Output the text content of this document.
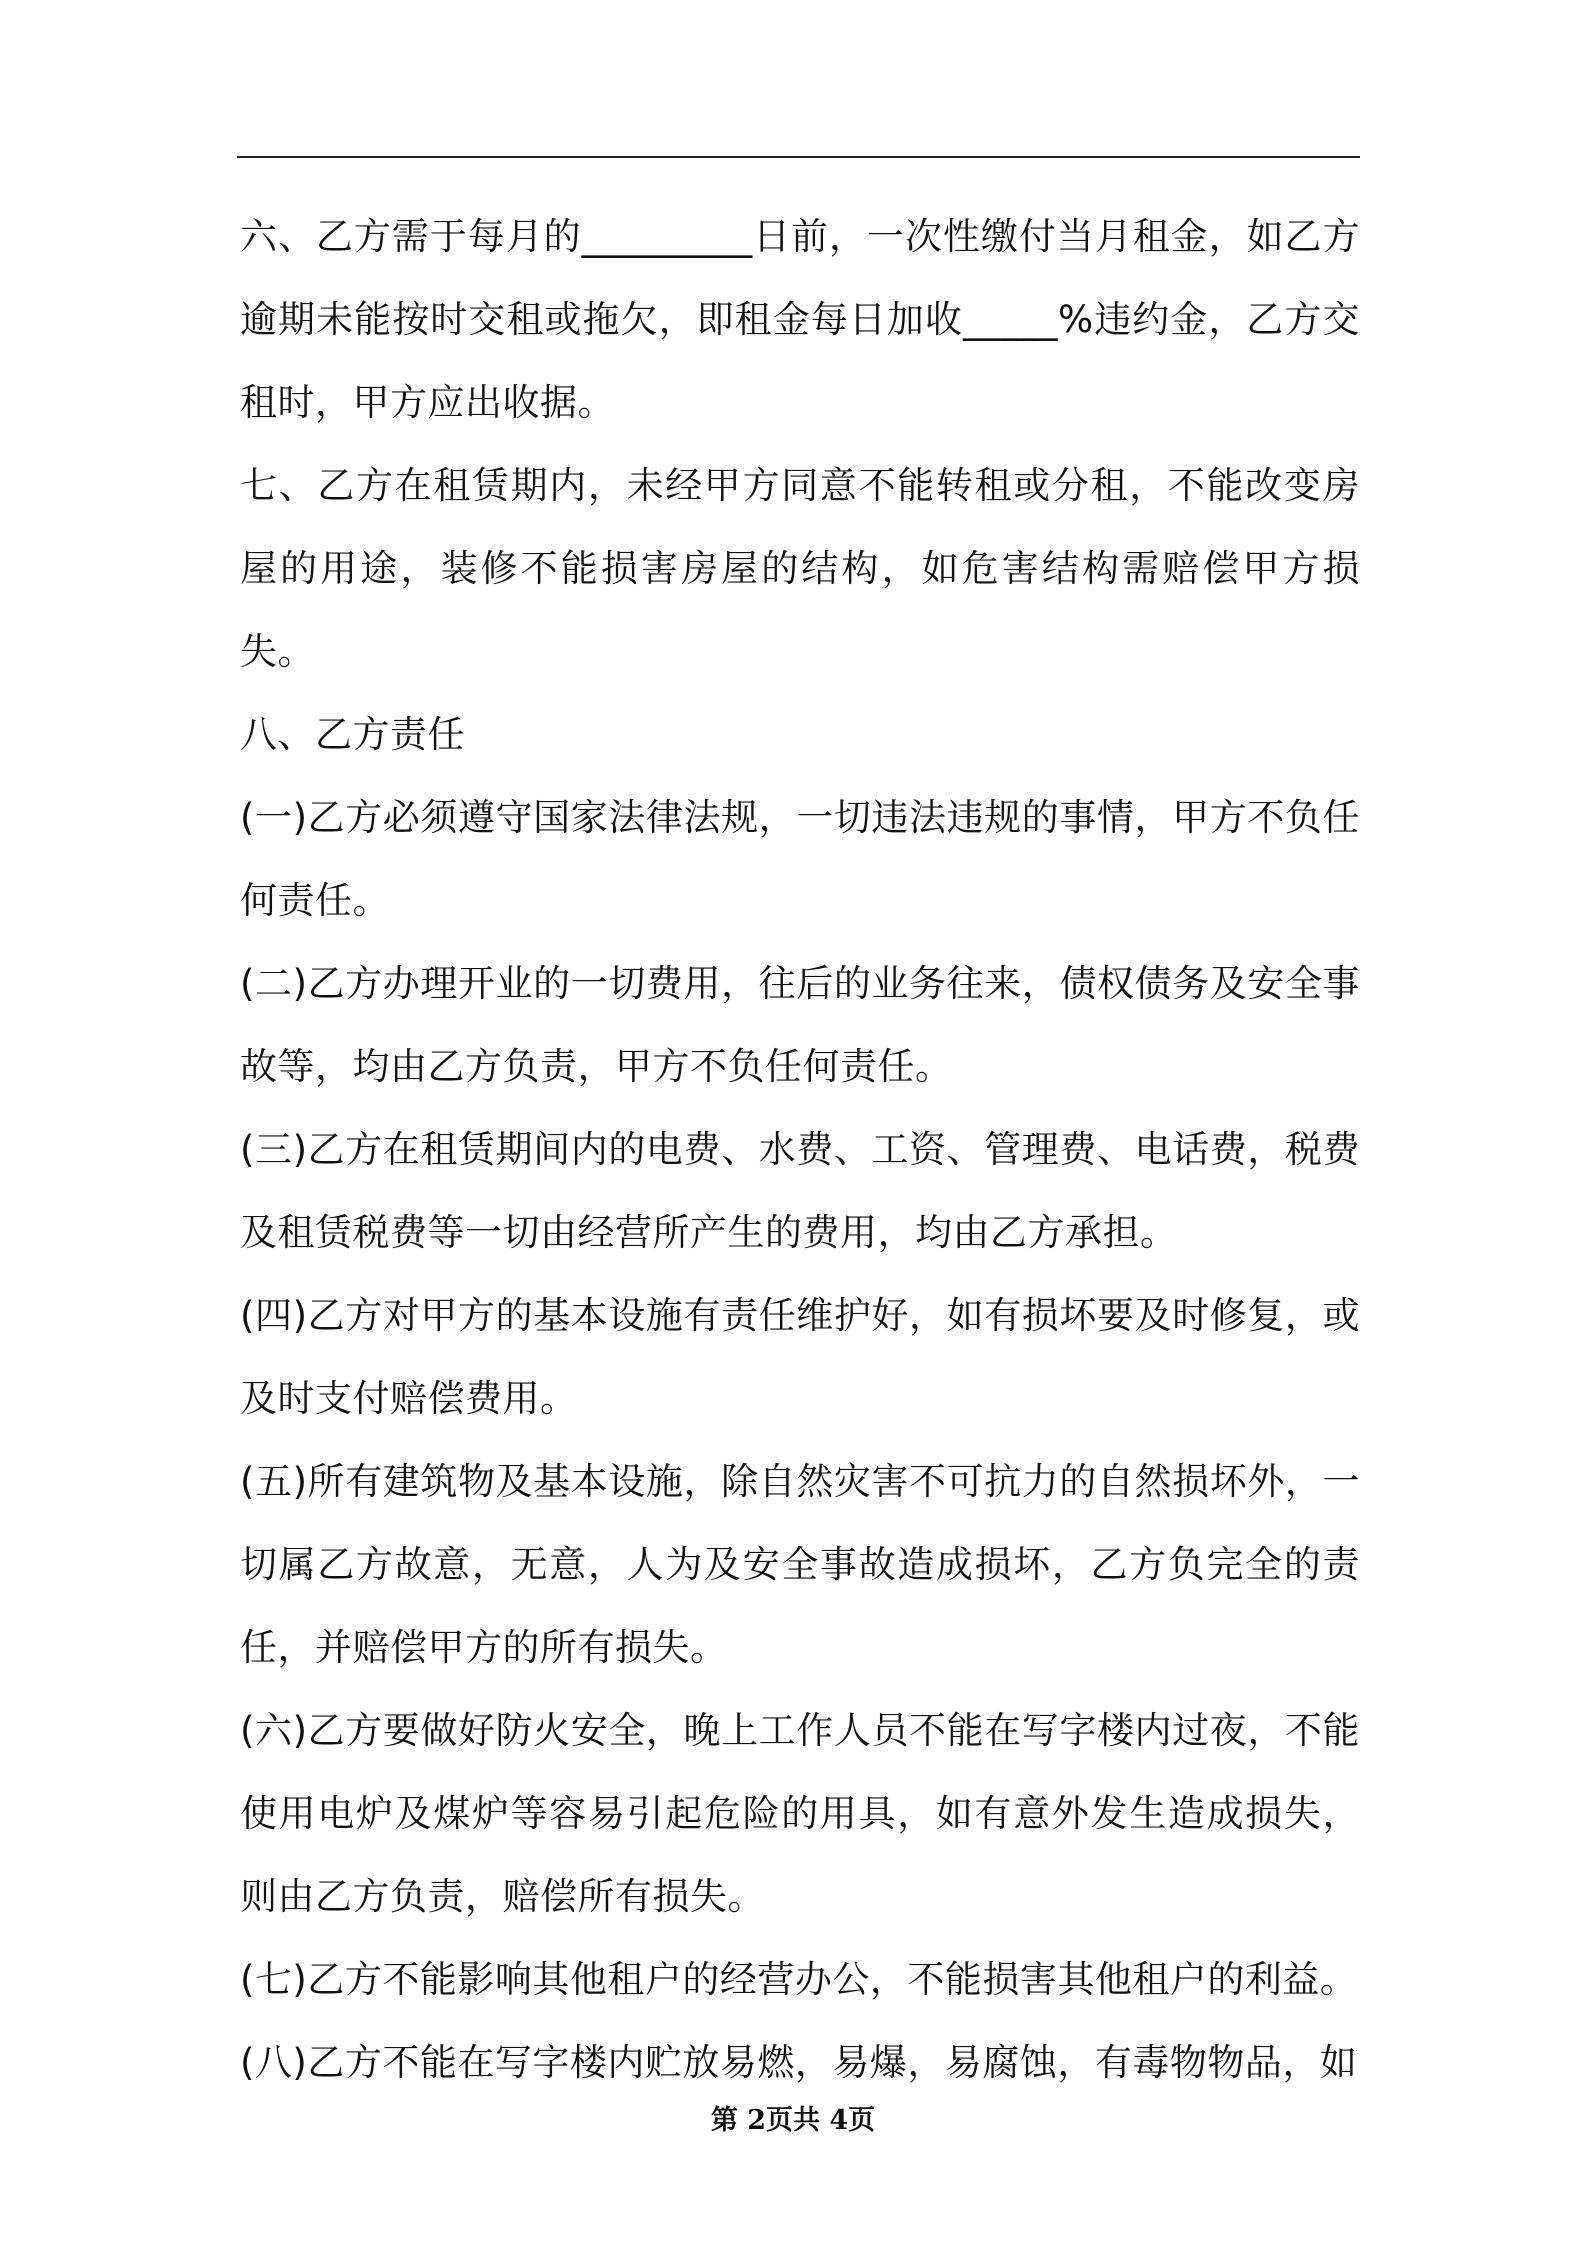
六、乙方需于每月的_________日前，一次性缴付当月租金，如乙方逾期未能按时交租或拖欠，即租金每日加收_____%违约金，乙方交租时，甲方应出收据。

七、乙方在租赁期内，未经甲方同意不能转租或分租，不能改变房屋的用途，装修不能损害房屋的结构，如危害结构需赔偿甲方损失。

八、乙方责任

(一)乙方必须遵守国家法律法规，一切违法违规的事情，甲方不负任何责任。

(二)乙方办理开业的一切费用，往后的业务往来，债权债务及安全事故等，均由乙方负责，甲方不负任何责任。

(三)乙方在租赁期间内的电费、水费、工资、管理费、电话费，税费及租赁税费等一切由经营所产生的费用，均由乙方承担。

(四)乙方对甲方的基本设施有责任维护好，如有损坏要及时修复，或及时支付赔偿费用。

(五)所有建筑物及基本设施，除自然灾害不可抗力的自然损坏外，一切属乙方故意，无意，人为及安全事故造成损坏，乙方负完全的责任，并赔偿甲方的所有损失。

(六)乙方要做好防火安全，晚上工作人员不能在写字楼内过夜，不能使用电炉及煤炉等容易引起危险的用具，如有意外发生造成损失，则由乙方负责，赔偿所有损失。

(七)乙方不能影响其他租户的经营办公，不能损害其他租户的利益。

(八)乙方不能在写字楼内贮放易燃，易爆，易腐蚀，有毒物物品，如

第 2页共 4页
